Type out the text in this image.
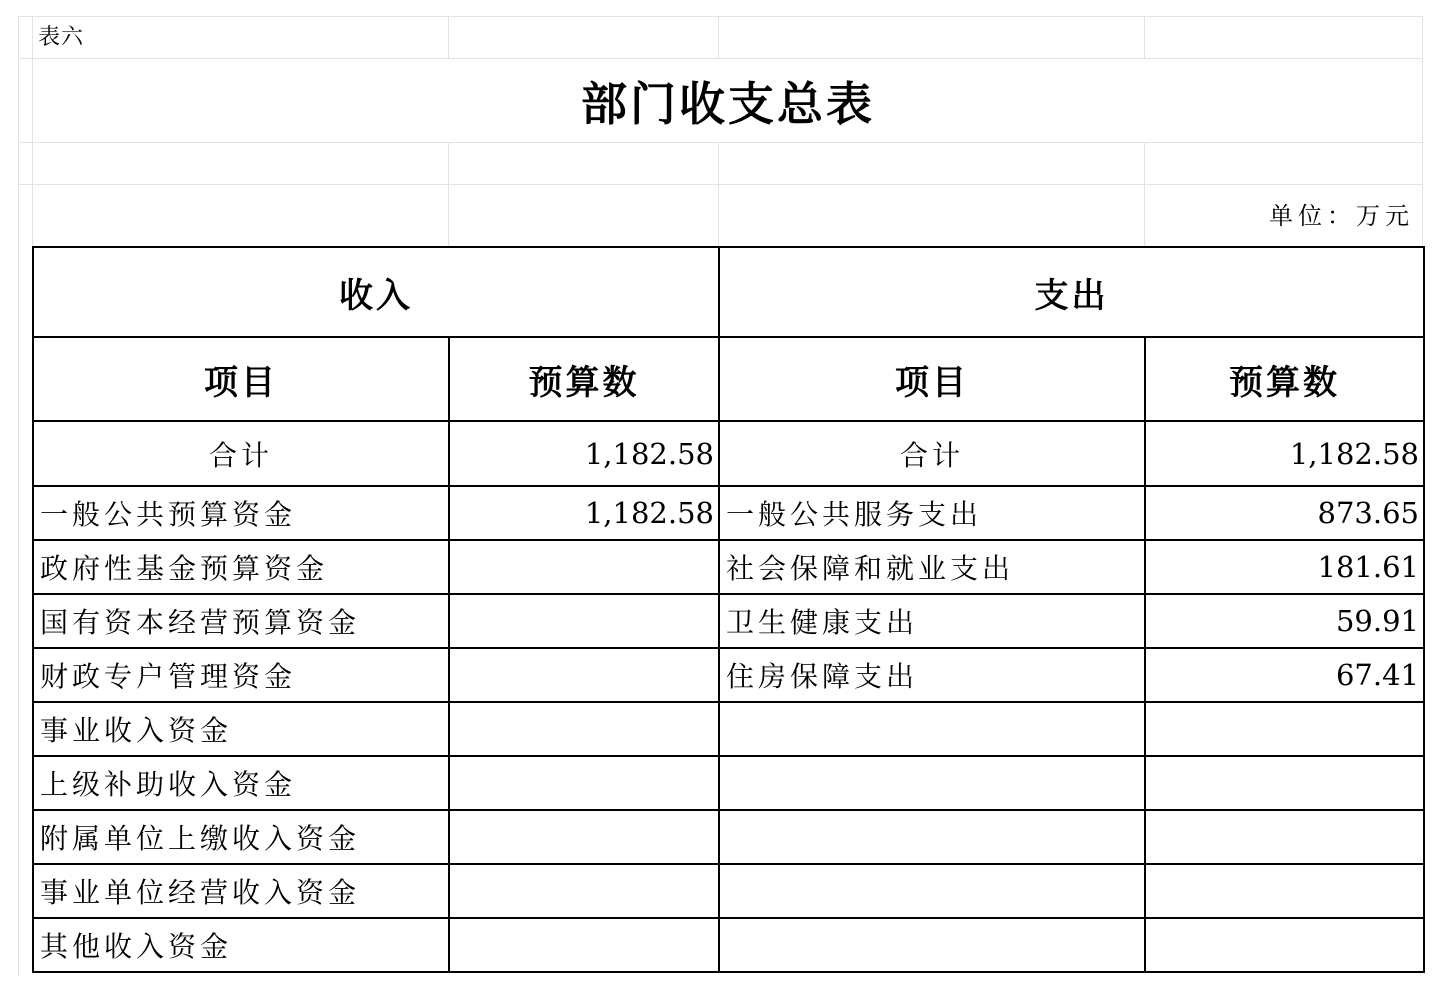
表六
部门收支总表
单位：万元
收入		支出	
项目	预算数	项目	预算数
合计	1,182.58	合计	1,182.58
一般公共预算资金	1,182.58	一般公共服务支出	873.65
政府性基金预算资金		社会保障和就业支出	181.61
国有资本经营预算资金		卫生健康支出	59.91
财政专户管理资金		住房保障支出	67.41
事业收入资金			
上级补助收入资金			
附属单位上缴收入资金			
事业单位经营收入资金			
其他收入资金			
